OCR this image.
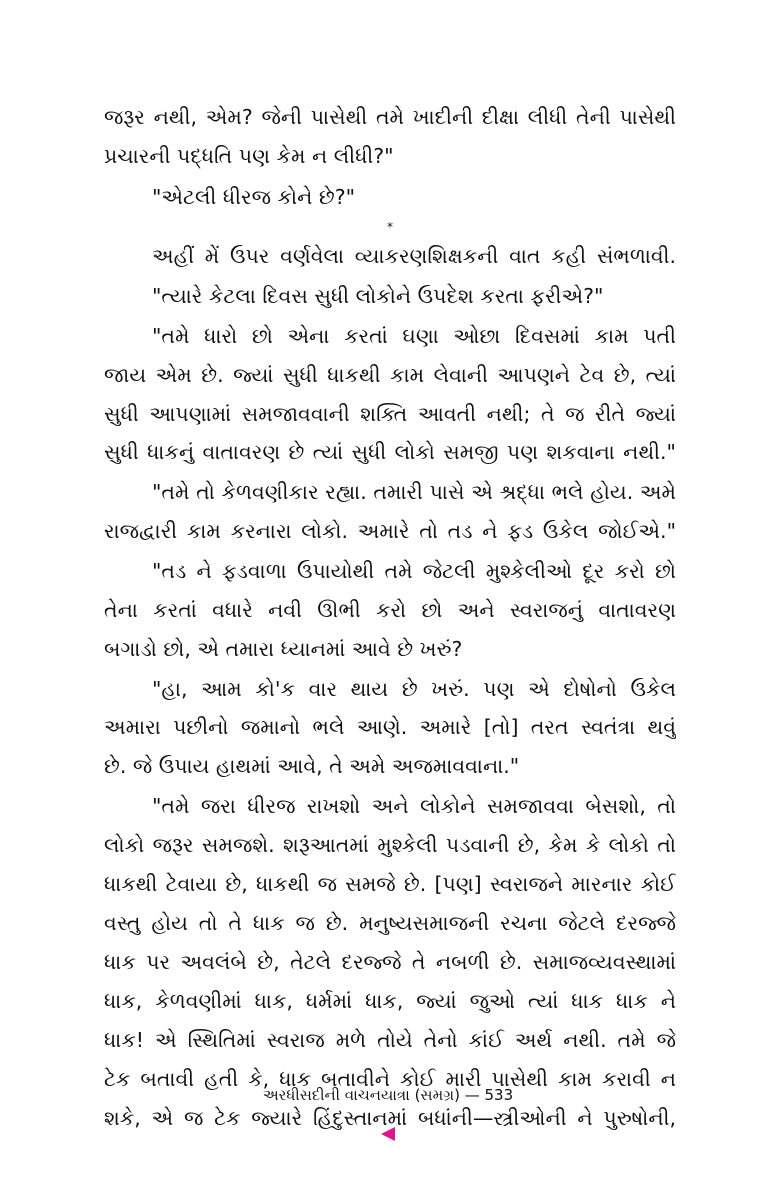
જરૂર નથી, એમ? જેની પાસેથી તમે ખાદીની દીક્ષા લીધી તેની પાસેથી
પ્રચારની પદ્ધતિ પણ કેમ ન લીધી?"
"એટલી ધીરજ કોને છે?"
*
અહીં મેં ઉપર વર્ણવેલા વ્યાકરણશિક્ષકની વાત કહી સંભળાવી.
"ત્યારે કેટલા દિવસ સુધી લોકોને ઉપદેશ કરતા ફરીએ?"
"તમે ધારો છો એના કરતાં ઘણા ઓછા દિવસમાં કામ પતી
જાય એમ છે. જ્યાં સુધી ધાકથી કામ લેવાની આપણને ટેવ છે, ત્યાં
સુધી આપણામાં સમજાવવાની શક્તિ આવતી નથી; તે જ રીતે જ્યાં
સુધી ધાકનું વાતાવરણ છે ત્યાં સુધી લોકો સમજી પણ શકવાના નથી."
"તમે તો કેળવણીકાર રહ્યા. તમારી પાસે એ શ્રદ્ધા ભલે હોય. અમે
રાજદ્વારી કામ કરનારા લોકો. અમારે તો તડ ને ફડ ઉકેલ જોઈએ."
"તડ ને ફડવાળા ઉપાયોથી તમે જેટલી મુશ્કેલીઓ દૂર કરો છો
તેના કરતાં વધારે નવી ઊભી કરો છો અને સ્વરાજનું વાતાવરણ
બગાડો છો, એ તમારા ધ્યાનમાં આવે છે ખરું?
"હા, આમ કો'ક વાર થાય છે ખરું. પણ એ દોષોનો ઉકેલ
અમારા પછીનો જમાનો ભલે આણે. અમારે [તો] તરત સ્વતંત્રા થવું
છે. જે ઉપાય હાથમાં આવે, તે અમે અજમાવવાના."
"તમે જરા ધીરજ રાખશો અને લોકોને સમજાવવા બેસશો, તો
લોકો જરૂર સમજશે. શરૂઆતમાં મુશ્કેલી પડવાની છે, કેમ કે લોકો તો
ધાકથી ટેવાયા છે, ધાકથી જ સમજે છે. [પણ] સ્વરાજને મારનાર કોઈ
વસ્તુ હોય તો તે ધાક જ છે. મનુષ્યસમાજની રચના જેટલે દરજ્જે
ધાક પર અવલંબે છે, તેટલે દરજ્જે તે નબળી છે. સમાજવ્યવસ્થામાં
ધાક, કેળવણીમાં ધાક, ધર્મમાં ધાક, જ્યાં જુઓ ત્યાં ધાક ધાક ને
ધાક! એ સ્થિતિમાં સ્વરાજ મળે તોયે તેનો કાંઈ અર્થ નથી. તમે જે
ટેક બતાવી હતી કે, ધાક બતાવીને કોઈ મારી પાસેથી કામ કરાવી ન
શકે, એ જ ટેક જ્યારે હિંદુસ્તાનમાં બધાંની—સ્ત્રીઓની ને પુરુષોની,
અરધીસદીની વાચનયાત્રા (સમગ્ર) — 533
